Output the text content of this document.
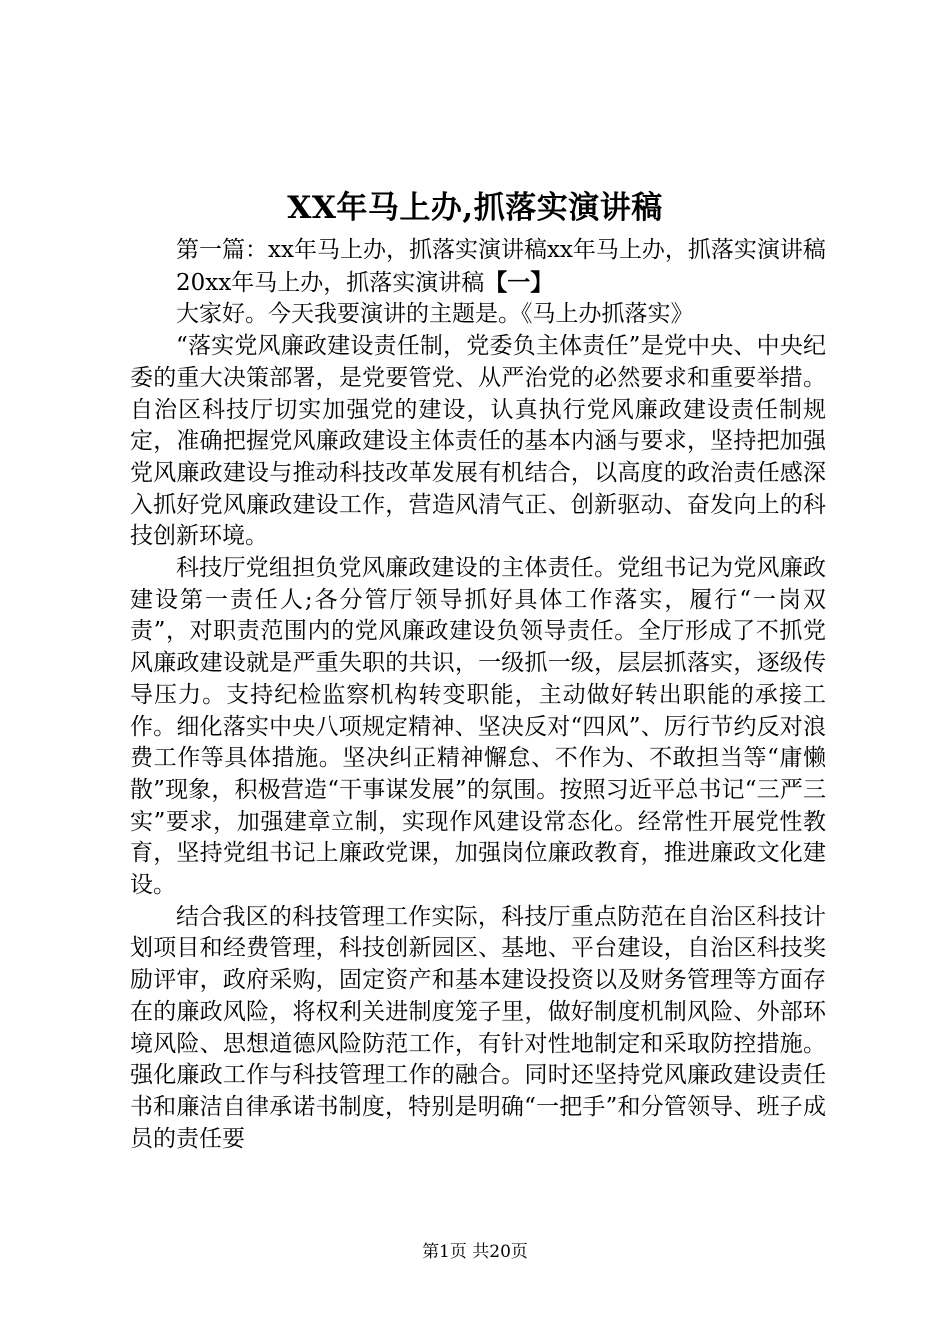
XX年马上办,抓落实演讲稿

第一篇：xx年马上办，抓落实演讲稿xx年马上办，抓落实演讲稿

20xx年马上办，抓落实演讲稿【一】

大家好。今天我要演讲的主题是。《马上办抓落实》

“落实党风廉政建设责任制，党委负主体责任”是党中央、中央纪委的重大决策部署，是党要管党、从严治党的必然要求和重要举措。自治区科技厅切实加强党的建设，认真执行党风廉政建设责任制规定，准确把握党风廉政建设主体责任的基本内涵与要求，坚持把加强党风廉政建设与推动科技改革发展有机结合，以高度的政治责任感深入抓好党风廉政建设工作，营造风清气正、创新驱动、奋发向上的科技创新环境。

科技厅党组担负党风廉政建设的主体责任。党组书记为党风廉政建设第一责任人;各分管厅领导抓好具体工作落实，履行“一岗双责”，对职责范围内的党风廉政建设负领导责任。全厅形成了不抓党风廉政建设就是严重失职的共识，一级抓一级，层层抓落实，逐级传导压力。支持纪检监察机构转变职能，主动做好转出职能的承接工作。细化落实中央八项规定精神、坚决反对“四风”、厉行节约反对浪费工作等具体措施。坚决纠正精神懈怠、不作为、不敢担当等“庸懒散”现象，积极营造“干事谋发展”的氛围。按照习近平总书记“三严三实”要求，加强建章立制，实现作风建设常态化。经常性开展党性教育，坚持党组书记上廉政党课，加强岗位廉政教育，推进廉政文化建设。

结合我区的科技管理工作实际，科技厅重点防范在自治区科技计划项目和经费管理，科技创新园区、基地、平台建设，自治区科技奖励评审，政府采购，固定资产和基本建设投资以及财务管理等方面存在的廉政风险，将权利关进制度笼子里，做好制度机制风险、外部环境风险、思想道德风险防范工作，有针对性地制定和采取防控措施。强化廉政工作与科技管理工作的融合。同时还坚持党风廉政建设责任书和廉洁自律承诺书制度，特别是明确“一把手”和分管领导、班子成员的责任要

第1页 共20页
